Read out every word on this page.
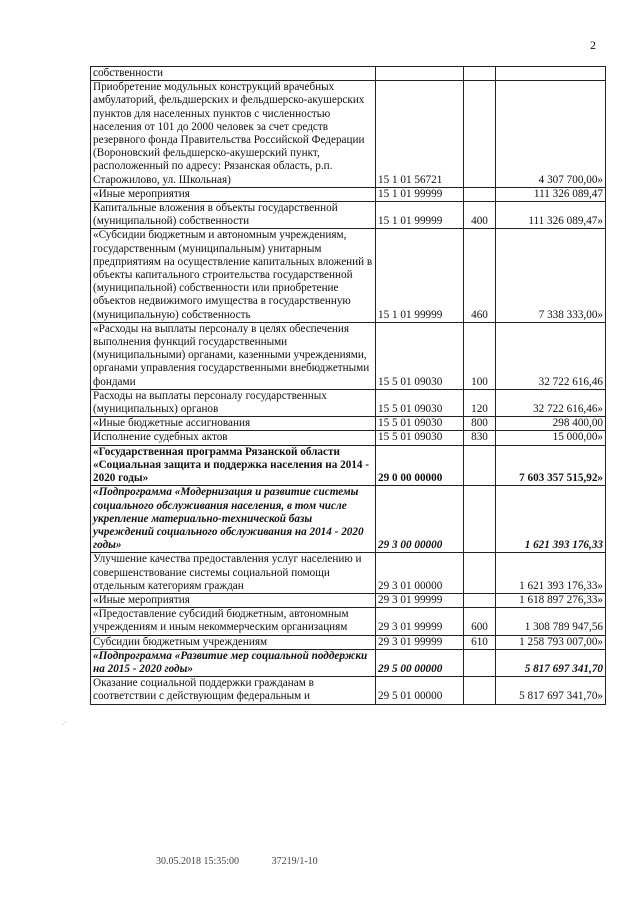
2
.·
собственности			
Приобретение модульных конструкций врачебных амбулаторий, фельдшерских и фельдшерско-акушерских пунктов для населенных пунктов с численностью населения от 101 до 2000 человек за счет средств резервного фонда Правительства Российской Федерации (Вороновский фельдшерско-акушерский пункт, расположенный по адресу: Рязанская область, р.п. Старожилово, ул. Школьная)	15 1 01 56721		4 307 700,00»
«Иные мероприятия	15 1 01 99999		111 326 089,47
Капитальные вложения в объекты государственной (муниципальной) собственности	15 1 01 99999	400	111 326 089,47»
«Субсидии бюджетным и автономным учреждениям, государственным (муниципальным) унитарным предприятиям на осуществление капитальных вложений в объекты капитального строительства государственной (муниципальной) собственности или приобретение объектов недвижимого имущества в государственную (муниципальную) собственность	15 1 01 99999	460	7 338 333,00»
«Расходы на выплаты персоналу в целях обеспечения выполнения функций государственными (муниципальными) органами, казенными учреждениями, органами управления государственными внебюджетными фондами	15 5 01 09030	100	32 722 616,46
Расходы на выплаты персоналу государственных (муниципальных) органов	15 5 01 09030	120	32 722 616,46»
«Иные бюджетные ассигнования	15 5 01 09030	800	298 400,00
Исполнение судебных актов	15 5 01 09030	830	15 000,00»
«Государственная программа Рязанской области «Социальная защита и поддержка населения на 2014 - 2020 годы»	29 0 00 00000		7 603 357 515,92»
«Подпрограмма «Модернизация и развитие системы социального обслуживания населения, в том числе укрепление материально-технической базы учреждений социального обслуживания на 2014 - 2020 годы»	29 3 00 00000		1 621 393 176,33
Улучшение качества предоставления услуг населению и совершенствование системы социальной помощи отдельным категориям граждан	29 3 01 00000		1 621 393 176,33»
«Иные мероприятия	29 3 01 99999		1 618 897 276,33»
«Предоставление субсидий бюджетным, автономным учреждениям и иным некоммерческим организациям	29 3 01 99999	600	1 308 789 947,56
Субсидии бюджетным учреждениям	29 3 01 99999	610	1 258 793 007,00»
«Подпрограмма «Развитие мер социальной поддержки на 2015 - 2020 годы»	29 5 00 00000		5 817 697 341,70
Оказание социальной поддержки гражданам в соответствии с действующим федеральным и	29 5 01 00000		5 817 697 341,70»
30.05.2018 15:35:00	37219/1-10
